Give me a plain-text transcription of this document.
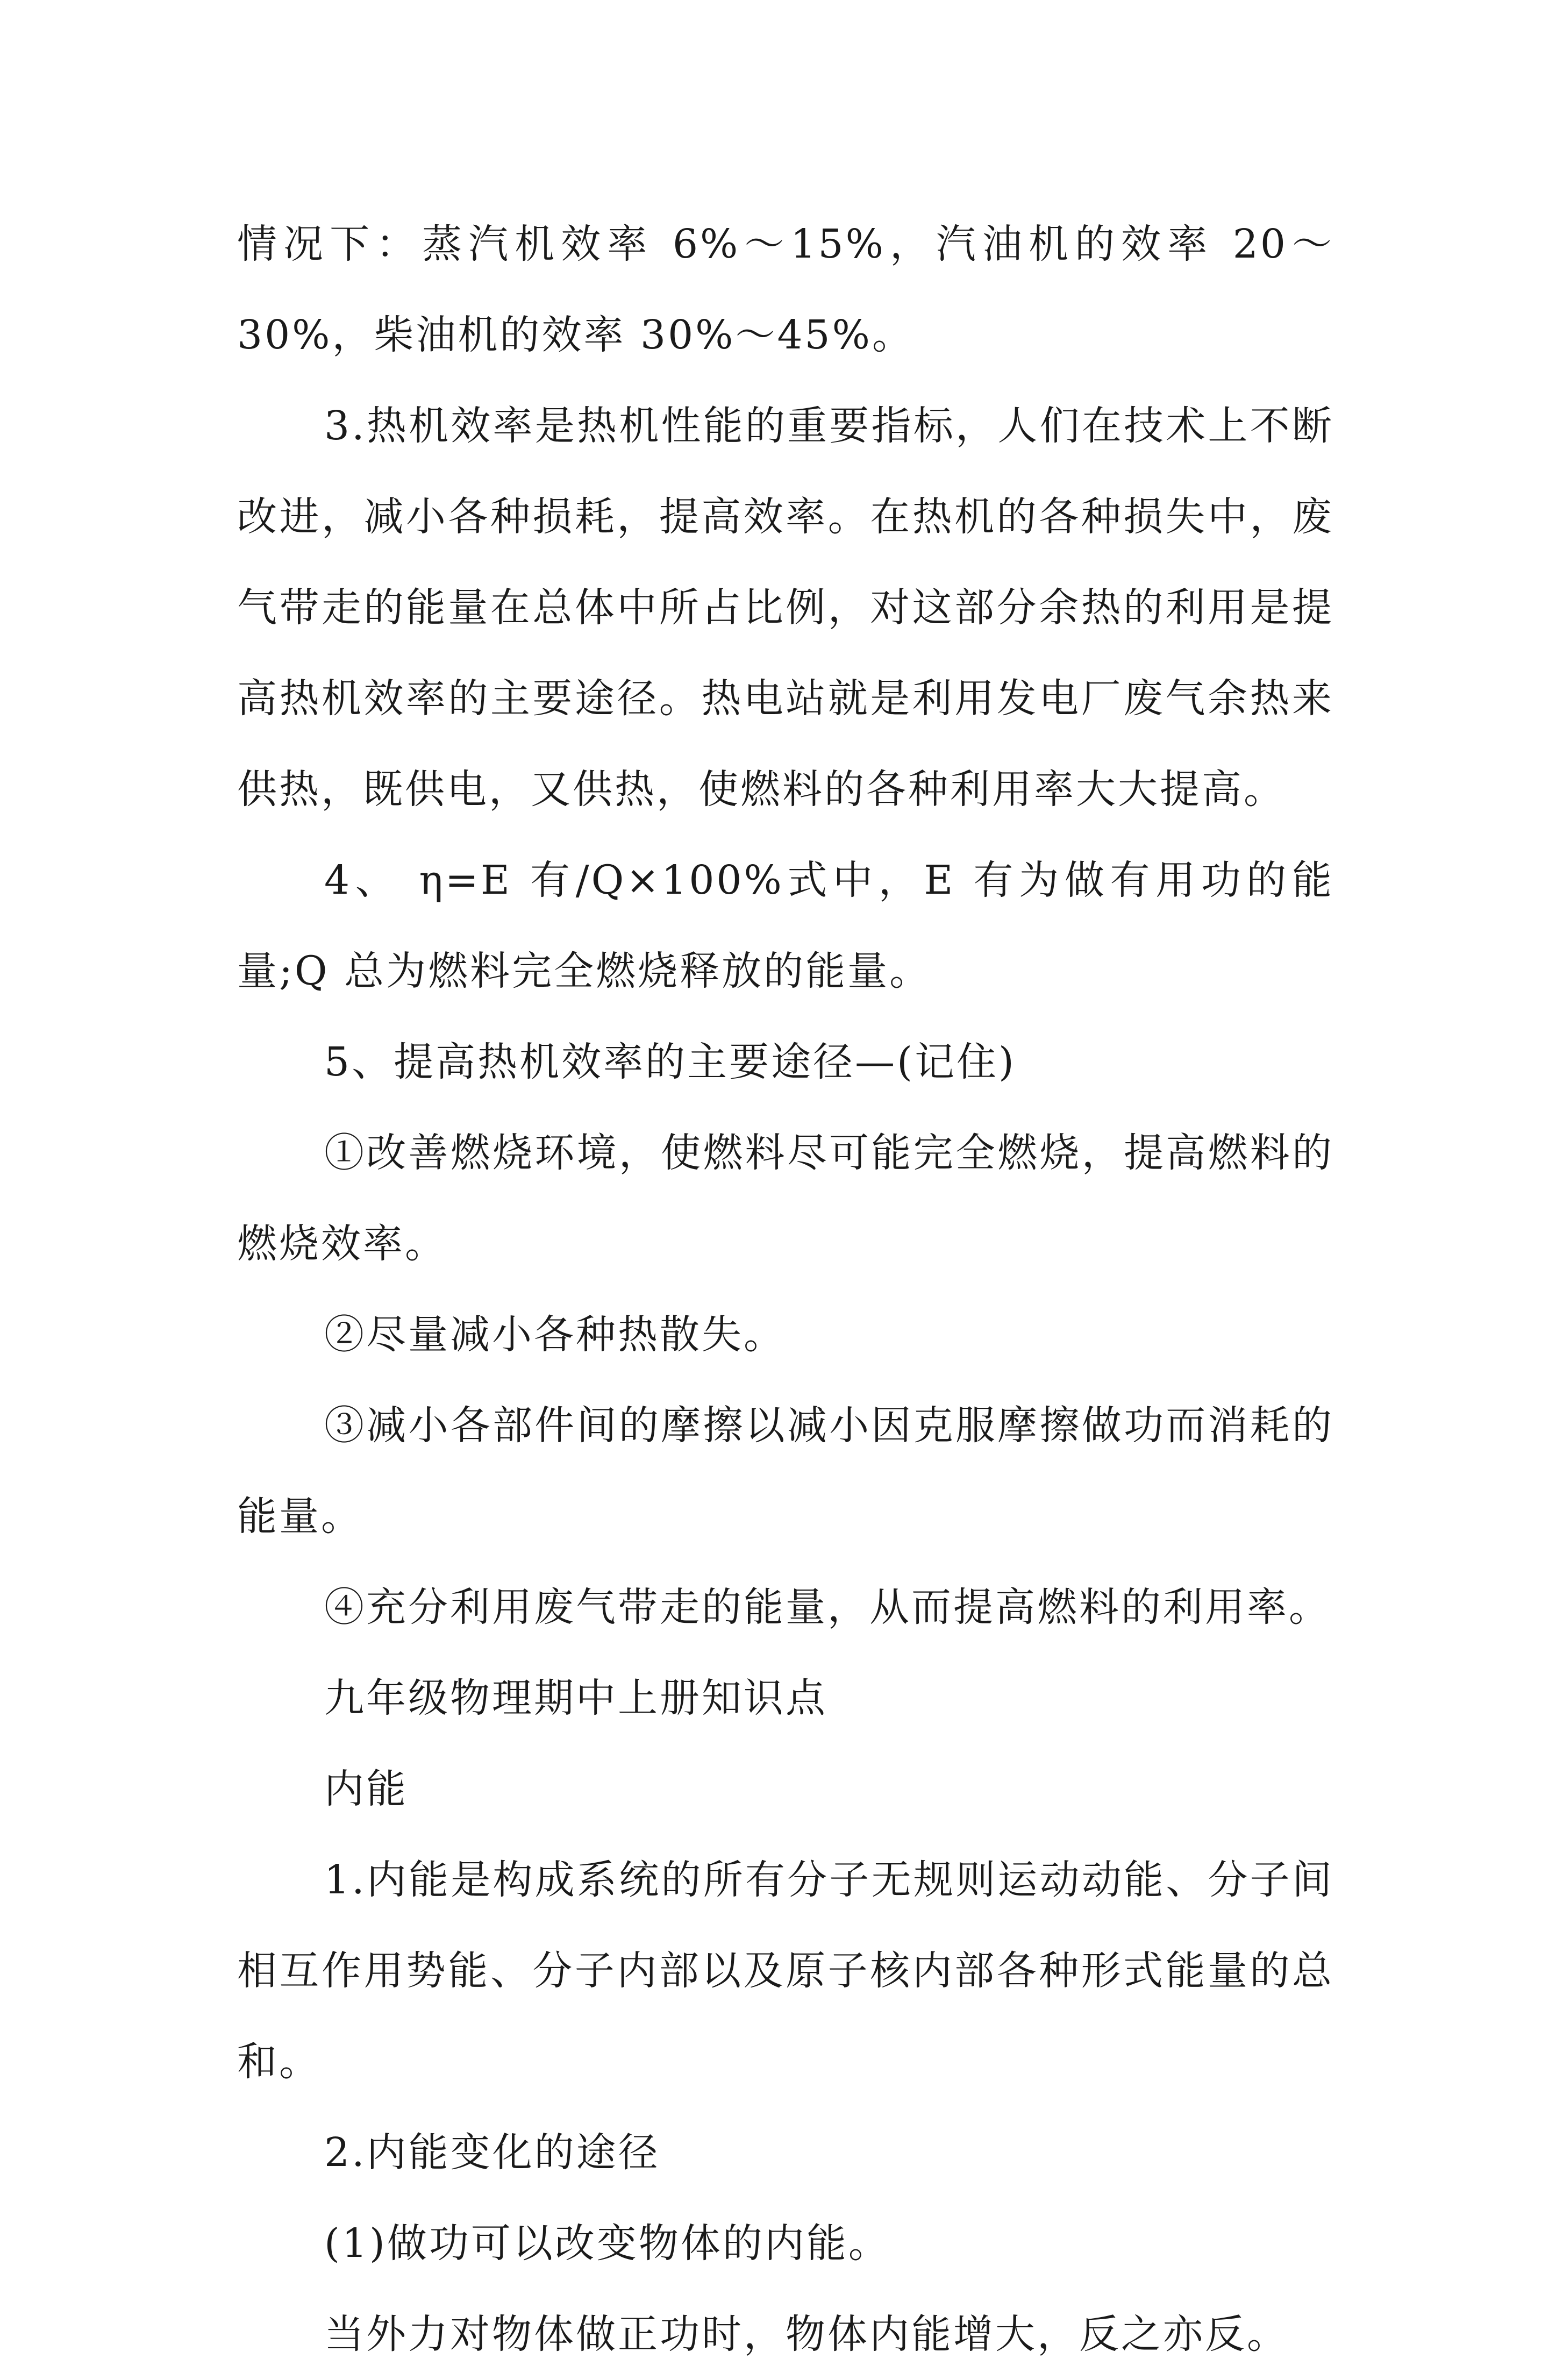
情况下：蒸汽机效率 6%～15%，汽油机的效率 20～30%，柴油机的效率 30%～45%。

3.热机效率是热机性能的重要指标，人们在技术上不断改进，减小各种损耗，提高效率。在热机的各种损失中，废气带走的能量在总体中所占比例，对这部分余热的利用是提高热机效率的主要途径。热电站就是利用发电厂废气余热来供热，既供电，又供热，使燃料的各种利用率大大提高。

4、 η=E 有/Q×100%式中，E 有为做有用功的能量;Q 总为燃料完全燃烧释放的能量。

5、提高热机效率的主要途径—(记住)

①改善燃烧环境，使燃料尽可能完全燃烧，提高燃料的燃烧效率。

②尽量减小各种热散失。

③减小各部件间的摩擦以减小因克服摩擦做功而消耗的能量。

④充分利用废气带走的能量，从而提高燃料的利用率。

九年级物理期中上册知识点

内能

1.内能是构成系统的所有分子无规则运动动能、分子间相互作用势能、分子内部以及原子核内部各种形式能量的总和。

2.内能变化的途径

(1)做功可以改变物体的内能。

当外力对物体做正功时，物体内能增大，反之亦反。
